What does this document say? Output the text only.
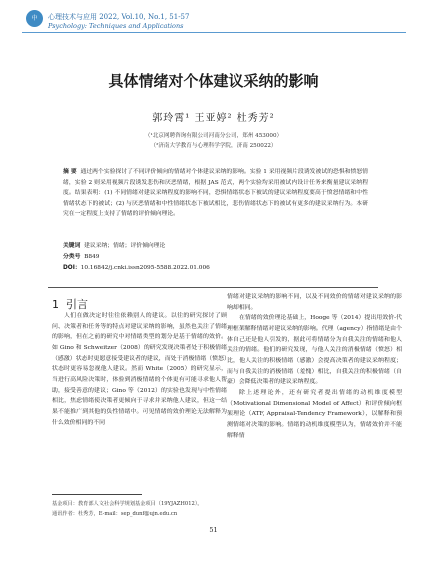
中	心理技术与应用 2022, Vol.10, No.1, 51-57
Psychology: Techniques and Applications
具体情绪对个体建议采纳的影响
郭玲霄¹ 王亚婷² 杜秀芳²
（¹北京网聘咨询有限公司河南分公司，郑州 453000）
（²济南大学教育与心理科学学院，济南 250022）

摘 要 通过两个实验探讨了不同评价倾向的情绪对个体建议采纳的影响。实验 1 采用视频片段诱发被试的恐惧和愤怒情绪，实验 2 则采用视频片段诱发悲伤和厌恶情绪，根据 JAS 范式，两个实验均采用被试内设计任务来衡量建议采纳程度。结果表明：(1) 不同情绪对建议采纳程度的影响不同，恐惧情绪状态下被试的建议采纳程度要高于愤怒情绪和中性情绪状态下的被试；(2) 与厌恶情绪和中性情绪状态下被试相比，悲伤情绪状态下的被试有更多的建议采纳行为。本研究在一定程度上支持了情绪的评价倾向理论。

关键词 建议采纳；情绪；评价倾向理论
分类号 B849
DOI：10.16842/j.cnki.issn2095-5588.2022.01.006
1 引言

人们在做决定时往往依赖别人的建议。以往的研究探讨了顾问、决策者和任务等的特点对建议采纳的影响，虽然也关注了情绪的影响，但在之前的研究中对情绪类型的划分是基于情绪的效价。如 Gino 和 Schweitzer（2008）的研究发现决策者处于积极情绪（感激）状态时更愿意接受建议者的建议，而处于消极情绪（愤怒）状态时更容易忽视他人建议。然而 White（2005）的研究显示，当进行高风险决策时，体验到消极情绪的个体更有可能寻求他人帮助，接受善意的建议；Gino 等（2012）的实验也发现与中性情绪相比，焦虑情绪使决策者更倾向于寻求并采纳他人建议，但这一结果不能推广到其他的负性情绪中。可见情绪的效价理论无法解释为什么效价相同的不同

情绪对建议采纳的影响不同，以及不同效价的情绪对建议采纳的影响却相同。

在情绪的效价理论基础上，Hooge 等（2014）提出用效价-代理框架解释情绪对建议采纳的影响。代理（agency）指情绪是由个体自己还是他人引发的，据此可将情绪分为自我关注的情绪和他人关注的情绪。他们的研究发现，与他人关注的消极情绪（愤怒）相比，他人关注的积极情绪（感激）会提高决策者的建议采纳程度；而与自我关注的消极情绪（羞愧）相比，自我关注的积极情绪（自豪）会降低决策者的建议采纳程度。

除上述理论外，还有研究者提出情绪的动机维度模型（Motivational Dimensional Model of Affect）和评价倾向框架理论（ATF, Appraisal-Tendency Framework），以解释和预测情绪对决策的影响。情绪的动机维度模型认为，情绪效价并不能解释情

基金项目：教育部人文社会科学规划基金项目（19YJAZH012）。
通讯作者：杜秀芳，E-mail：sep_dunf@ujn.edu.cn
51
